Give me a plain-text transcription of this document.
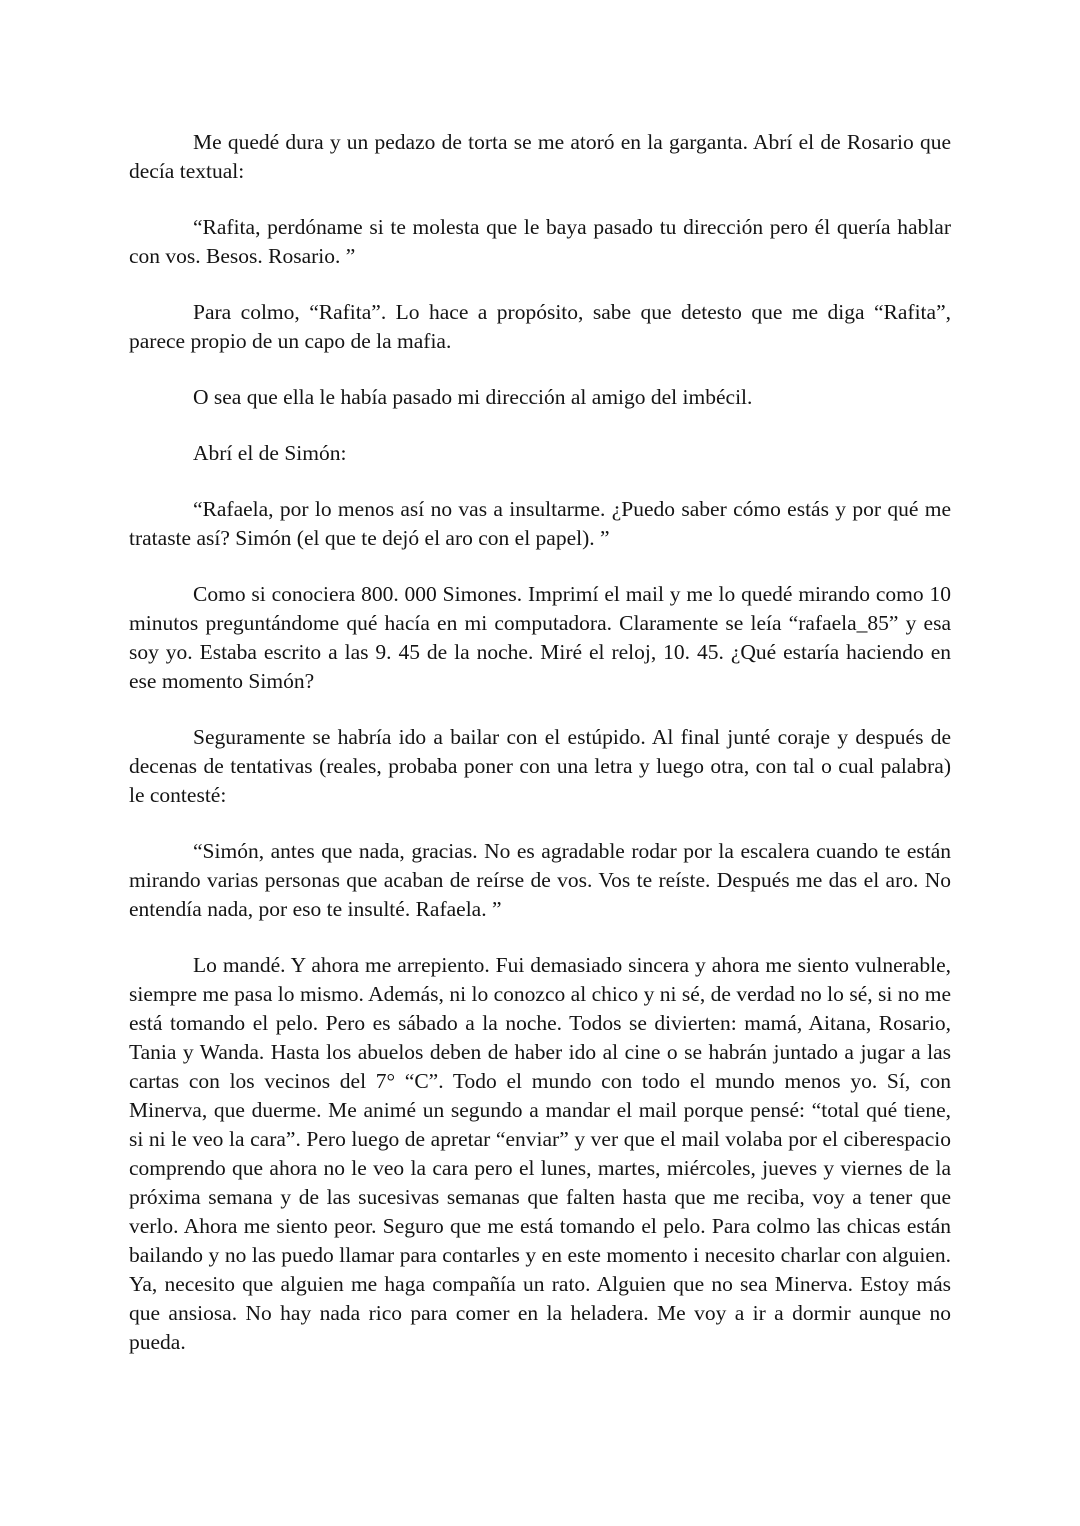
Me quedé dura y un pedazo de torta se me atoró en la garganta. Abrí el de Rosario que decía textual:

“Rafita, perdóname si te molesta que le baya pasado tu dirección pero él quería hablar con vos. Besos. Rosario. ”

Para colmo, “Rafita”. Lo hace a propósito, sabe que detesto que me diga “Rafita”, parece propio de un capo de la mafia.

O sea que ella le había pasado mi dirección al amigo del imbécil.

Abrí el de Simón:

“Rafaela, por lo menos así no vas a insultarme. ¿Puedo saber cómo estás y por qué me trataste así? Simón (el que te dejó el aro con el papel). ”

Como si conociera 800. 000 Simones. Imprimí el mail y me lo quedé mirando como 10 minutos preguntándome qué hacía en mi computadora. Claramente se leía “rafaela_85” y esa soy yo. Estaba escrito a las 9. 45 de la noche. Miré el reloj, 10. 45. ¿Qué estaría haciendo en ese momento Simón?

Seguramente se habría ido a bailar con el estúpido. Al final junté coraje y después de decenas de tentativas (reales, probaba poner con una letra y luego otra, con tal o cual palabra) le contesté:

“Simón, antes que nada, gracias. No es agradable rodar por la escalera cuando te están mirando varias personas que acaban de reírse de vos. Vos te reíste. Después me das el aro. No entendía nada, por eso te insulté. Rafaela. ”

Lo mandé. Y ahora me arrepiento. Fui demasiado sincera y ahora me siento vulnerable, siempre me pasa lo mismo. Además, ni lo conozco al chico y ni sé, de verdad no lo sé, si no me está tomando el pelo. Pero es sábado a la noche. Todos se divierten: mamá, Aitana, Rosario, Tania y Wanda. Hasta los abuelos deben de haber ido al cine o se habrán juntado a jugar a las cartas con los vecinos del 7° “C”. Todo el mundo con todo el mundo menos yo. Sí, con Minerva, que duerme. Me animé un segundo a mandar el mail porque pensé: “total qué tiene, si ni le veo la cara”. Pero luego de apretar “enviar” y ver que el mail volaba por el ciberespacio comprendo que ahora no le veo la cara pero el lunes, martes, miércoles, jueves y viernes de la próxima semana y de las sucesivas semanas que falten hasta que me reciba, voy a tener que verlo. Ahora me siento peor. Seguro que me está tomando el pelo. Para colmo las chicas están bailando y no las puedo llamar para contarles y en este momento i necesito charlar con alguien. Ya, necesito que alguien me haga compañía un rato. Alguien que no sea Minerva. Estoy más que ansiosa. No hay nada rico para comer en la heladera. Me voy a ir a dormir aunque no pueda.
